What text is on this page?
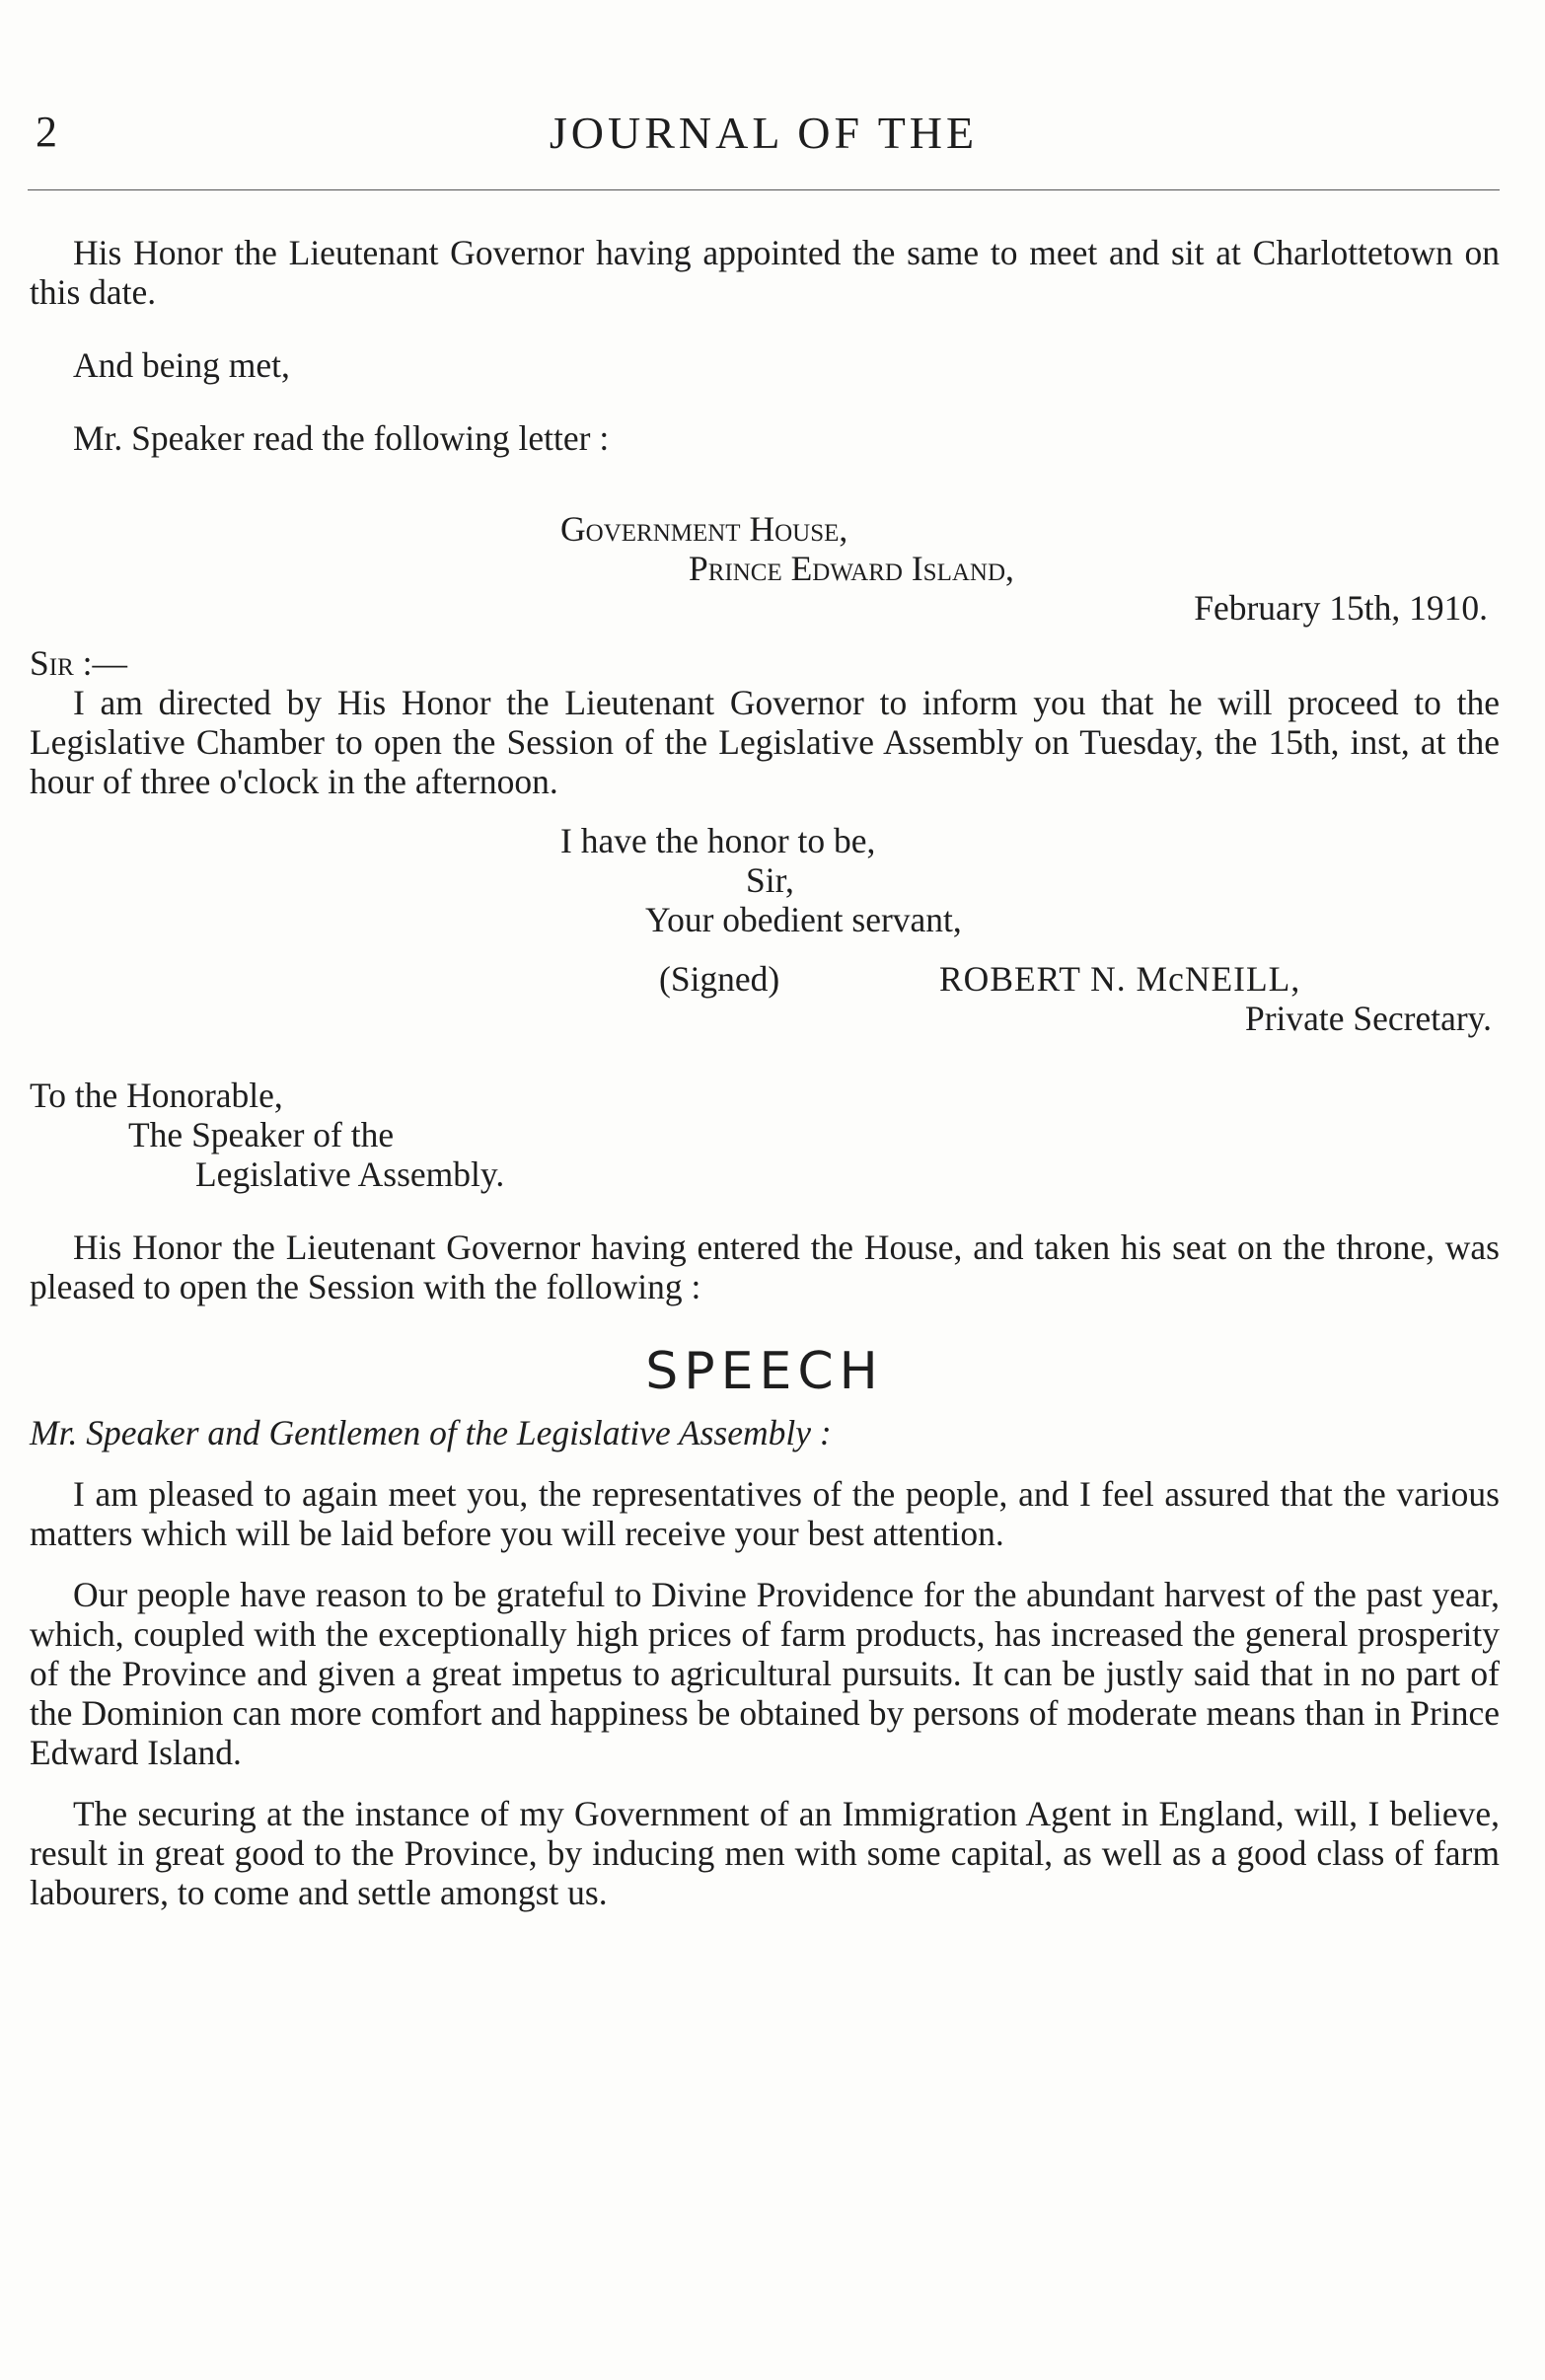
2	JOURNAL OF THE

His Honor the Lieutenant Governor having appointed the same to meet and sit at Charlottetown on this date.

And being met,

Mr. Speaker read the following letter :

Government House,
Prince Edward Island,
February 15th, 1910.
Sir :—

I am directed by His Honor the Lieutenant Governor to inform you that he will proceed to the Legislative Chamber to open the Session of the Legislative Assembly on Tuesday, the 15th, inst, at the hour of three o'clock in the afternoon.

I have the honor to be,
Sir,
Your obedient servant,
(Signed)	ROBERT N. McNEILL,
Private Secretary.
To the Honorable,
The Speaker of the
Legislative Assembly.

His Honor the Lieutenant Governor having entered the House, and taken his seat on the throne, was pleased to open the Session with the following :

SPEECH
Mr. Speaker and Gentlemen of the Legislative Assembly :

I am pleased to again meet you, the representatives of the people, and I feel assured that the various matters which will be laid before you will receive your best attention.

Our people have reason to be grateful to Divine Providence for the abundant harvest of the past year, which, coupled with the exceptionally high prices of farm products, has increased the general prosperity of the Province and given a great impetus to agricultural pursuits. It can be justly said that in no part of the Dominion can more comfort and happiness be obtained by persons of moderate means than in Prince Edward Island.

The securing at the instance of my Government of an Immigration Agent in England, will, I believe, result in great good to the Province, by inducing men with some capital, as well as a good class of farm labourers, to come and settle amongst us.
